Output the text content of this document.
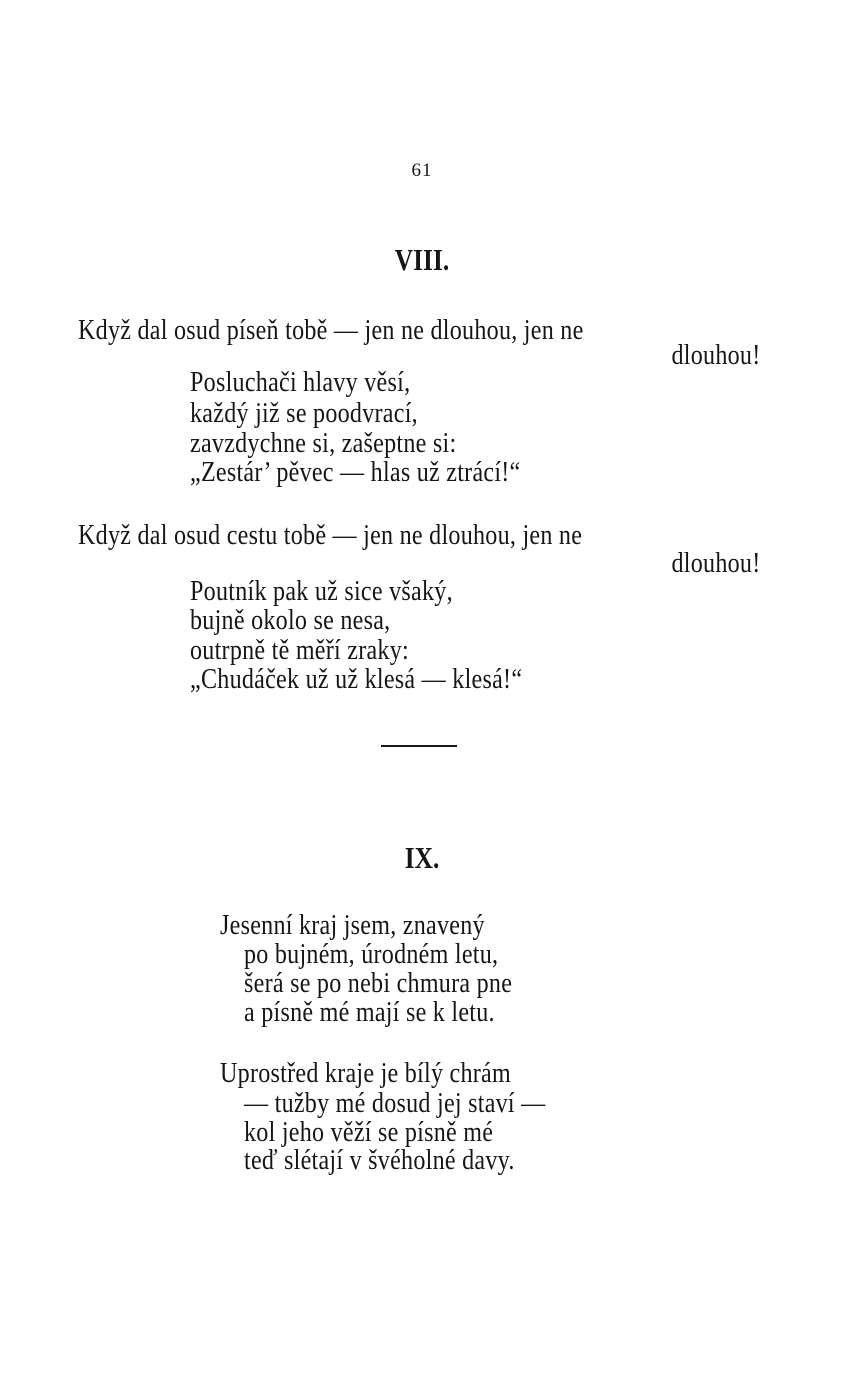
61
VIII.
Když dal osud píseň tobě — jen ne dlouhou, jen ne
dlouhou!
Posluchači hlavy věsí,
každý již se poodvrací,
zavzdychne si, zašeptne si:
„Zestár’ pěvec — hlas už ztrácí!“
Když dal osud cestu tobě — jen ne dlouhou, jen ne
dlouhou!
Poutník pak už sice všaký,
bujně okolo se nesa,
outrpně tě měří zraky:
„Chudáček už už klesá — klesá!“
IX.
Jesenní kraj jsem, znavený
po bujném, úrodném letu,
šerá se po nebi chmura pne
a písně mé mají se k letu.
Uprostřed kraje je bílý chrám
— tužby mé dosud jej staví —
kol jeho věží se písně mé
teď slétají v švéholné davy.
